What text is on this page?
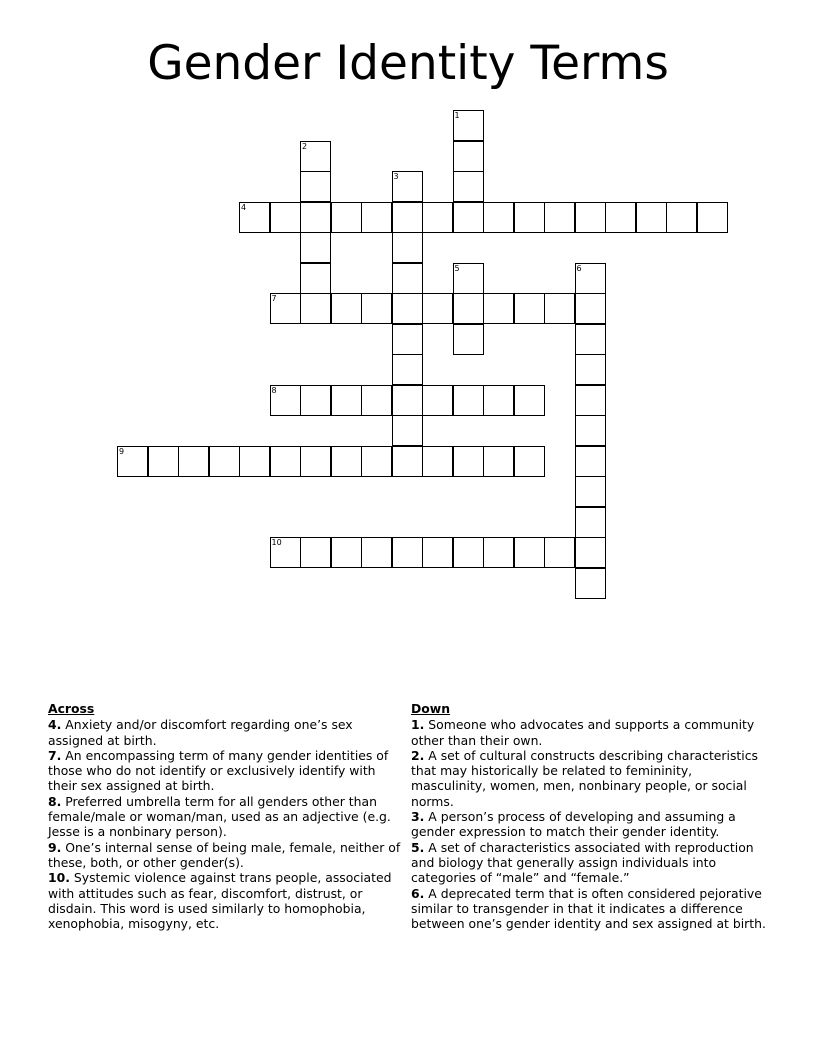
Gender Identity Terms
1
2
3
4
5	6
7
8
9
10
Across
4. Anxiety and/or discomfort regarding one’s sex assigned at birth.
7. An encompassing term of many gender identities of those who do not identify or exclusively identify with their sex assigned at birth.
8. Preferred umbrella term for all genders other than female/male or woman/man, used as an adjective (e.g. Jesse is a nonbinary person).
9. One’s internal sense of being male, female, neither of these, both, or other gender(s).
10. Systemic violence against trans people, associated with attitudes such as fear, discomfort, distrust, or disdain. This word is used similarly to homophobia, xenophobia, misogyny, etc.
Down
1. Someone who advocates and supports a community other than their own.
2. A set of cultural constructs describing characteristics that may historically be related to femininity, masculinity, women, men, nonbinary people, or social norms.
3. A person’s process of developing and assuming a gender expression to match their gender identity.
5. A set of characteristics associated with reproduction and biology that generally assign individuals into categories of “male” and “female.”
6. A deprecated term that is often considered pejorative similar to transgender in that it indicates a difference between one’s gender identity and sex assigned at birth.
